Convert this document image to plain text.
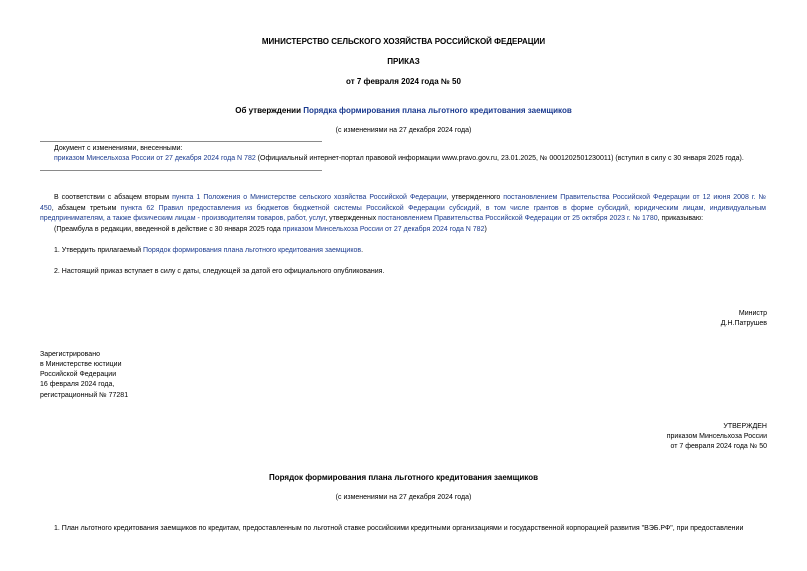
МИНИСТЕРСТВО СЕЛЬСКОГО ХОЗЯЙСТВА РОССИЙСКОЙ ФЕДЕРАЦИИ
ПРИКАЗ
от 7 февраля 2024 года № 50
Об утверждении Порядка формирования плана льготного кредитования заемщиков
(с изменениями на 27 декабря 2024 года)
Документ с изменениями, внесенными:
приказом Минсельхоза России от 27 декабря 2024 года N 782 (Официальный интернет-портал правовой информации www.pravo.gov.ru, 23.01.2025, № 0001202501230011) (вступил в силу с 30 января 2025 года).
В соответствии с абзацем вторым пункта 1 Положения о Министерстве сельского хозяйства Российской Федерации, утвержденного постановлением Правительства Российской Федерации от 12 июня 2008 г. №
450, абзацем третьим пункта 62 Правил предоставления из бюджетов бюджетной системы Российской Федерации субсидий, в том числе грантов в форме субсидий, юридическим лицам, индивидуальным
предпринимателям, а также физическим лицам - производителям товаров, работ, услуг, утвержденных постановлением Правительства Российской Федерации от 25 октября 2023 г. № 1780, приказываю:
(Преамбула в редакции, введенной в действие с 30 января 2025 года приказом Минсельхоза России от 27 декабря 2024 года N 782)
1. Утвердить прилагаемый Порядок формирования плана льготного кредитования заемщиков.
2. Настоящий приказ вступает в силу с даты, следующей за датой его официального опубликования.
Министр
Д.Н.Патрушев
Зарегистрировано
в Министерстве юстиции
Российской Федерации
16 февраля 2024 года,
регистрационный № 77281
УТВЕРЖДЕН
приказом Минсельхоза России
от 7 февраля 2024 года № 50
Порядок формирования плана льготного кредитования заемщиков
(с изменениями на 27 декабря 2024 года)
1. План льготного кредитования заемщиков по кредитам, предоставленным по льготной ставке российскими кредитными организациями и государственной корпорацией развития "ВЭБ.РФ", при предоставлении
